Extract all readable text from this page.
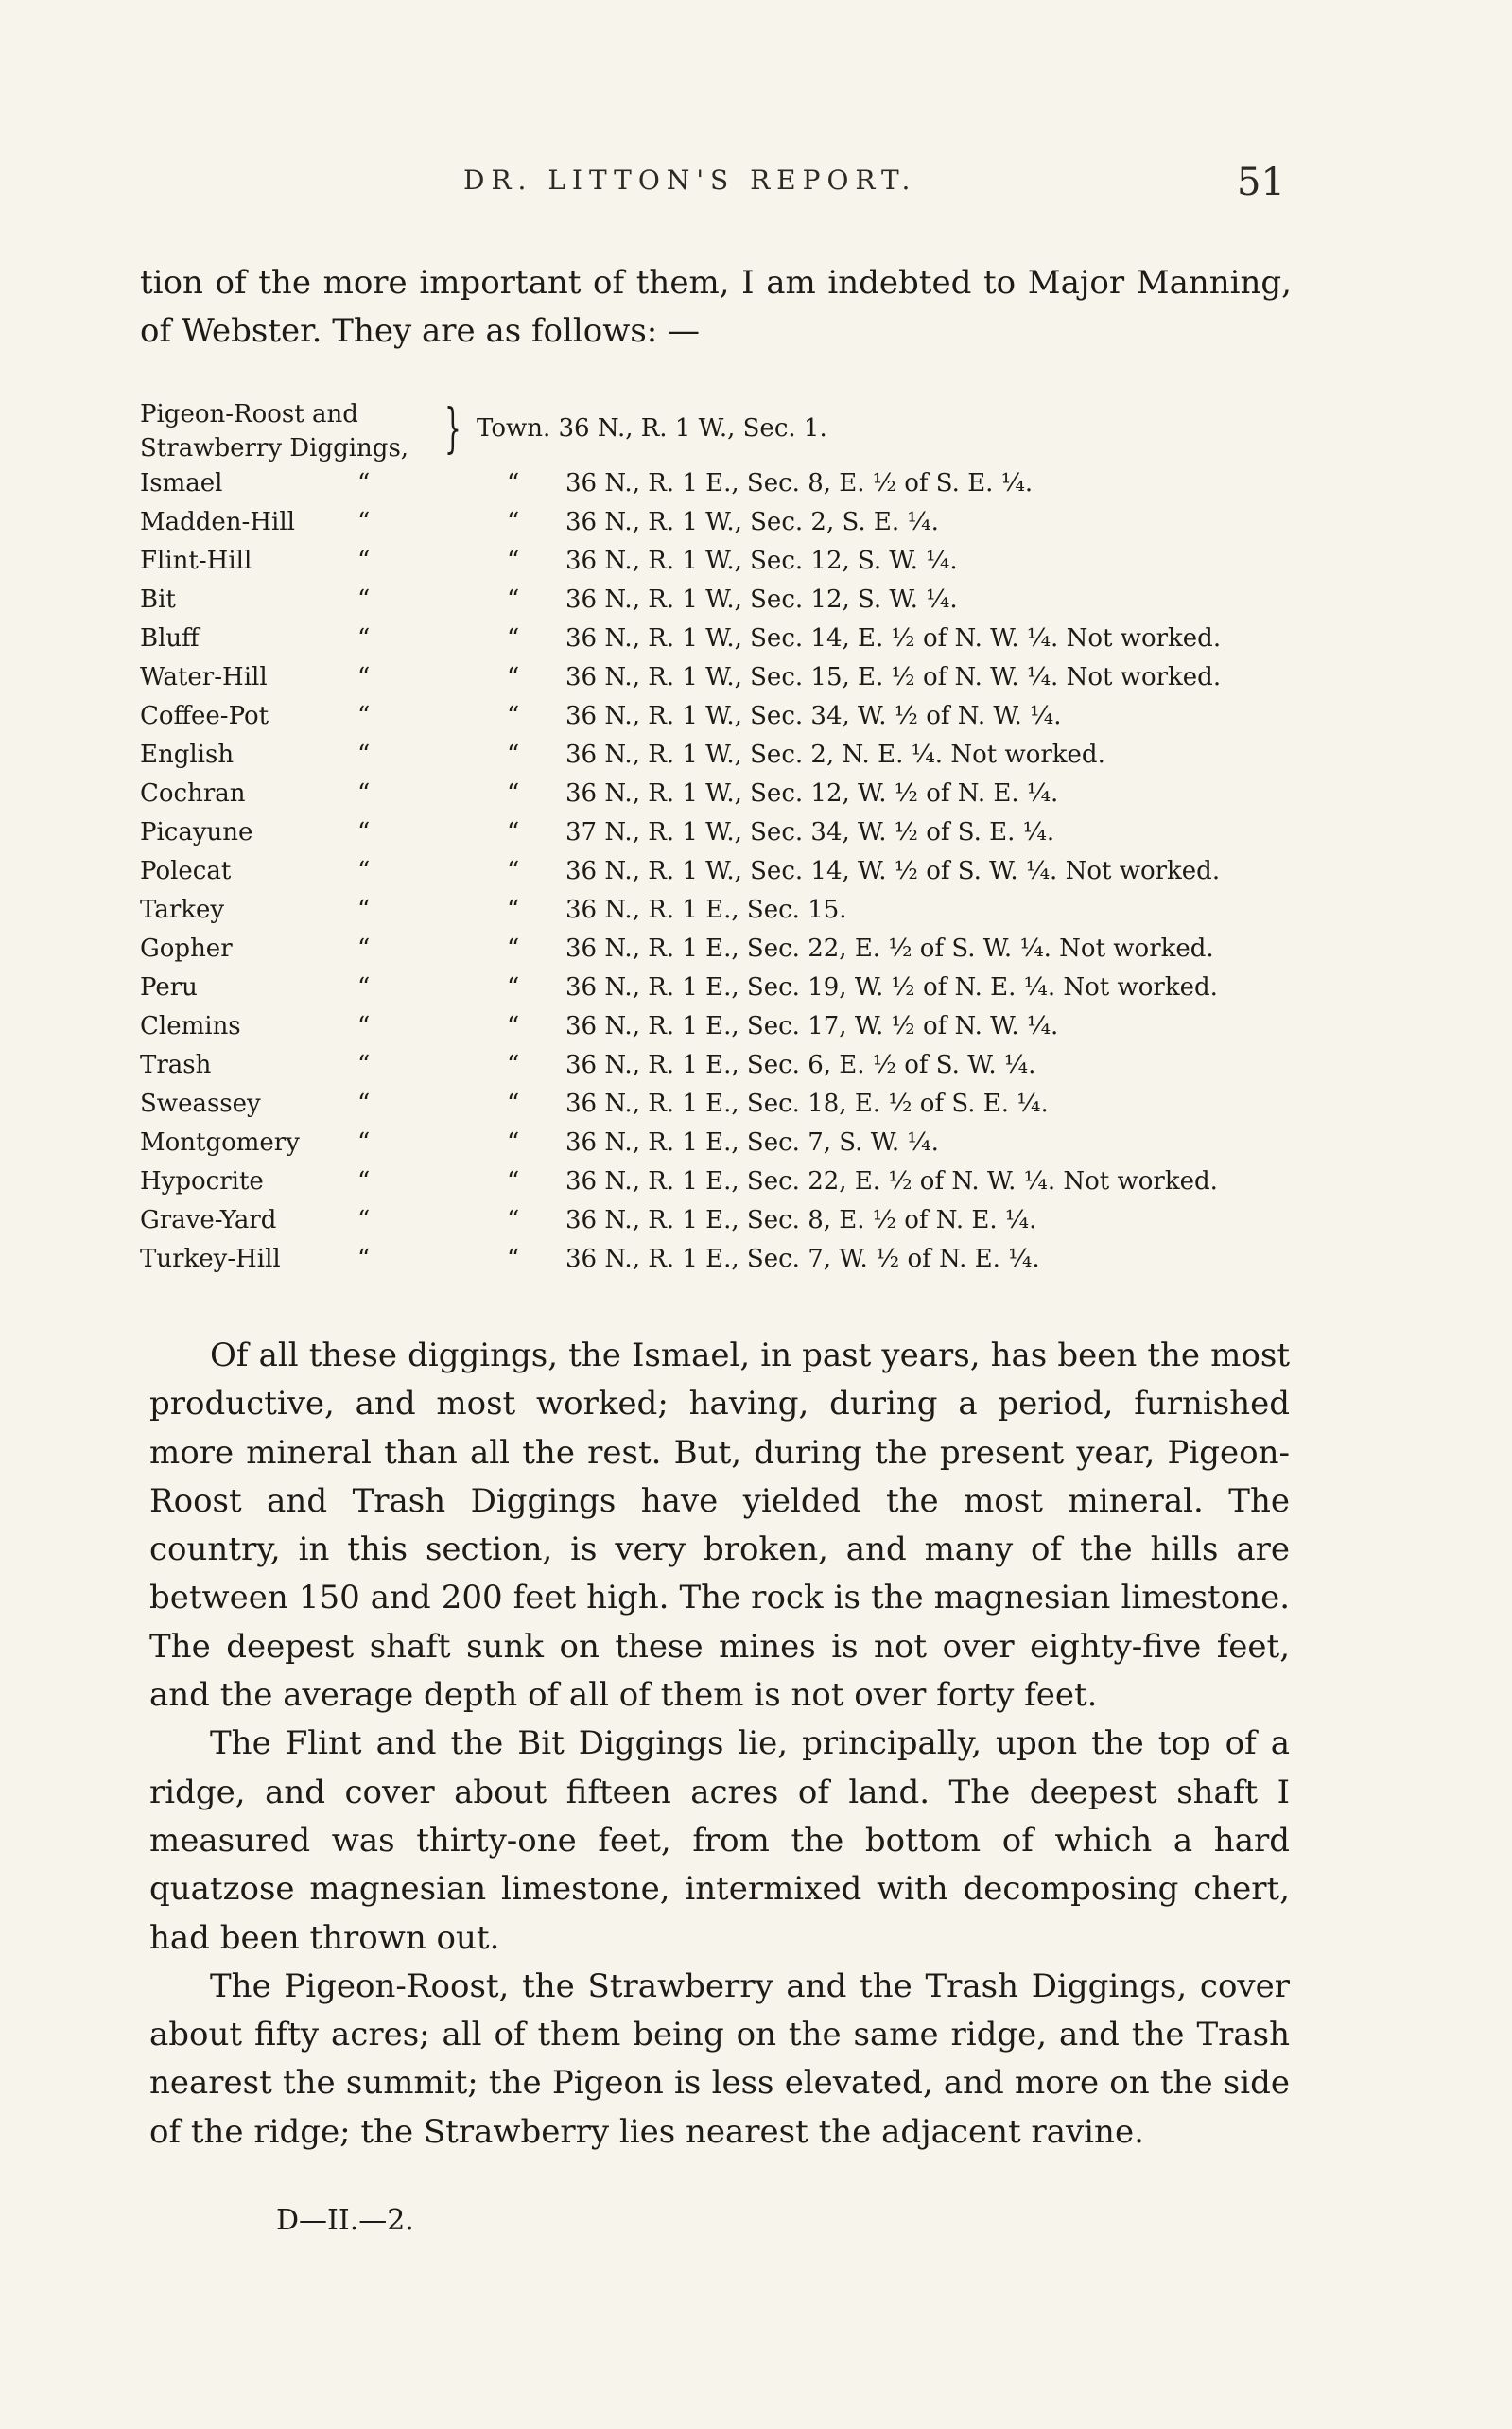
DR. LITTON'S REPORT.	51
tion of the more important of them, I am indebted to Major Manning, of Webster. They are as follows: —
Pigeon-Roost and
Strawberry Diggings, } Town. 36 N., R. 1 W., Sec. 1.
Ismael	“	“ 36 N., R. 1 E., Sec. 8, E. ½ of S. E. ¼.
Madden-Hill	“	“ 36 N., R. 1 W., Sec. 2, S. E. ¼.
Flint-Hill	“	“ 36 N., R. 1 W., Sec. 12, S. W. ¼.
Bit	“	“ 36 N., R. 1 W., Sec. 12, S. W. ¼.
Bluff	“	“ 36 N., R. 1 W., Sec. 14, E. ½ of N. W. ¼. Not worked.
Water-Hill	“	“ 36 N., R. 1 W., Sec. 15, E. ½ of N. W. ¼. Not worked.
Coffee-Pot	“	“ 36 N., R. 1 W., Sec. 34, W. ½ of N. W. ¼.
English	“	“ 36 N., R. 1 W., Sec. 2, N. E. ¼. Not worked.
Cochran	“	“ 36 N., R. 1 W., Sec. 12, W. ½ of N. E. ¼.
Picayune	“	“ 37 N., R. 1 W., Sec. 34, W. ½ of S. E. ¼.
Polecat	“	“ 36 N., R. 1 W., Sec. 14, W. ½ of S. W. ¼. Not worked.
Tarkey	“	“ 36 N., R. 1 E., Sec. 15.
Gopher	“	“ 36 N., R. 1 E., Sec. 22, E. ½ of S. W. ¼. Not worked.
Peru	“	“ 36 N., R. 1 E., Sec. 19, W. ½ of N. E. ¼. Not worked.
Clemins	“	“ 36 N., R. 1 E., Sec. 17, W. ½ of N. W. ¼.
Trash	“	“ 36 N., R. 1 E., Sec. 6, E. ½ of S. W. ¼.
Sweassey	“	“ 36 N., R. 1 E., Sec. 18, E. ½ of S. E. ¼.
Montgomery “	“ 36 N., R. 1 E., Sec. 7, S. W. ¼.
Hypocrite	“	“ 36 N., R. 1 E., Sec. 22, E. ½ of N. W. ¼. Not worked.
Grave-Yard	“	“ 36 N., R. 1 E., Sec. 8, E. ½ of N. E. ¼.
Turkey-Hill	“	“ 36 N., R. 1 E., Sec. 7, W. ½ of N. E. ¼.

Of all these diggings, the Ismael, in past years, has been the most productive, and most worked; having, during a period, furnished more mineral than all the rest. But, during the present year, Pigeon-Roost and Trash Diggings have yielded the most mineral. The country, in this section, is very broken, and many of the hills are between 150 and 200 feet high. The rock is the magnesian limestone. The deepest shaft sunk on these mines is not over eighty-five feet, and the average depth of all of them is not over forty feet.

The Flint and the Bit Diggings lie, principally, upon the top of a ridge, and cover about fifteen acres of land. The deepest shaft I measured was thirty-one feet, from the bottom of which a hard quatzose magnesian limestone, intermixed with decomposing chert, had been thrown out.

The Pigeon-Roost, the Strawberry and the Trash Diggings, cover about fifty acres; all of them being on the same ridge, and the Trash nearest the summit; the Pigeon is less elevated, and more on the side of the ridge; the Strawberry lies nearest the adjacent ravine.

D—II.—2.
